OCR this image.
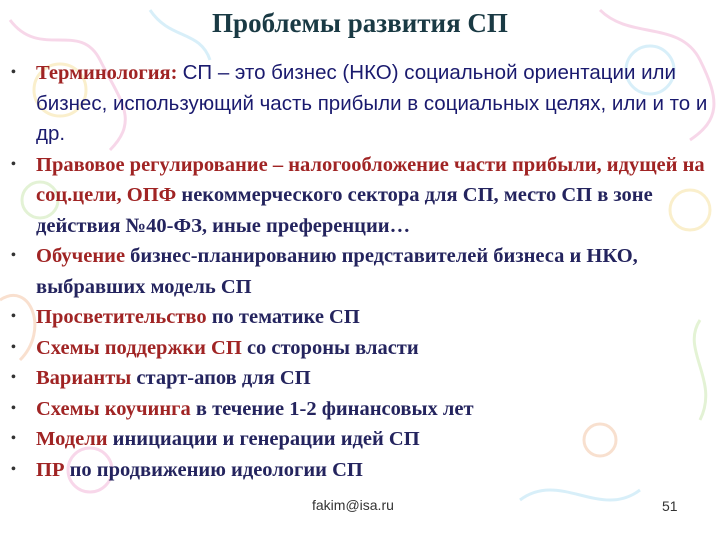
Проблемы развития СП
• Терминология: СП – это бизнес (НКО) социальной ориентации или бизнес, использующий часть прибыли в социальных целях, или и то и др.
• Правовое регулирование – налогообложение части прибыли, идущей на соц.цели, ОПФ некоммерческого сектора для СП, место СП в зоне действия №40-ФЗ, иные преференции…
• Обучение бизнес-планированию представителей бизнеса и НКО, выбравших модель СП
• Просветительство по тематике СП
• Схемы поддержки СП со стороны власти
• Варианты старт-апов для СП
• Схемы коучинга в течение 1-2 финансовых лет
• Модели инициации и генерации идей СП
• ПР по продвижению идеологии СП
fakim@isa.ru	51
